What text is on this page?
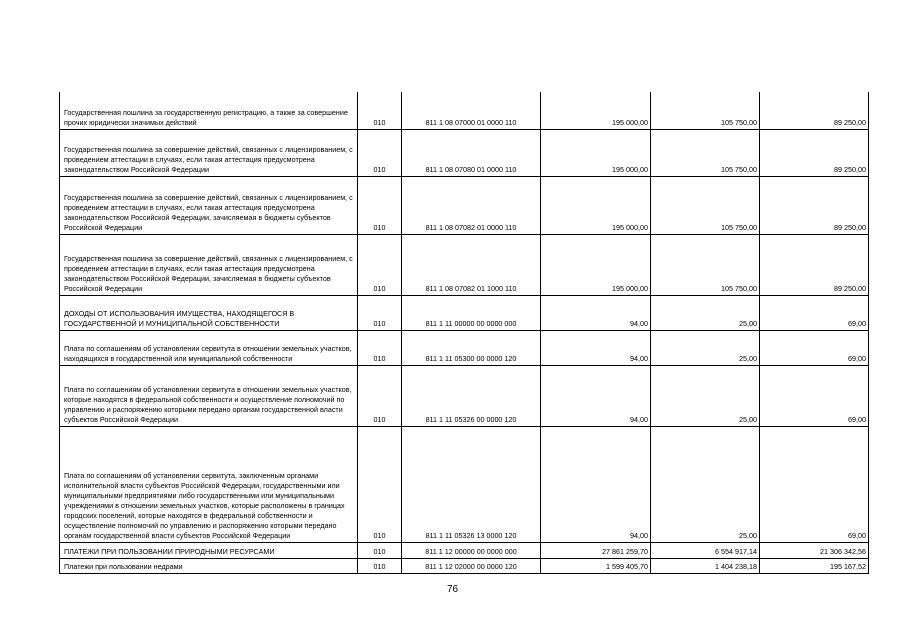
Государственная пошлина за государственную регистрацию, а также за совершение прочих юридически значимых действий	010	811 1 08 07000 01 0000 110	195 000,00	105 750,00	89 250,00
Государственная пошлина за совершение действий, связанных с лицензированием, с проведением аттестации в случаях, если такая аттестация предусмотрена законодательством Российской Федерации	010	811 1 08 07080 01 0000 110	195 000,00	105 750,00	89 250,00
Государственная пошлина за совершение действий, связанных с лицензированием, с проведением аттестации в случаях, если такая аттестация предусмотрена законодательством Российской Федерации, зачисляемая в бюджеты субъектов Российской Федерации	010	811 1 08 07082 01 0000 110	195 000,00	105 750,00	89 250,00
Государственная пошлина за совершение действий, связанных с лицензированием, с проведением аттестации в случаях, если такая аттестация предусмотрена законодательством Российской Федерации, зачисляемая в бюджеты субъектов Российской Федерации	010	811 1 08 07082 01 1000 110	195 000,00	105 750,00	89 250,00
ДОХОДЫ ОТ ИСПОЛЬЗОВАНИЯ ИМУЩЕСТВА, НАХОДЯЩЕГОСЯ В ГОСУДАРСТВЕННОЙ И МУНИЦИПАЛЬНОЙ СОБСТВЕННОСТИ	010	811 1 11 00000 00 0000 000	94,00	25,00	69,00
Плата по соглашениям об установлении сервитута в отношении земельных участков, находящихся в государственной или муниципальной собственности	010	811 1 11 05300 00 0000 120	94,00	25,00	69,00
Плата по соглашениям об установлении сервитута в отношении земельных участков, которые находятся в федеральной собственности и осуществление полномочий по управлению и распоряжению которыми передано органам государственной власти субъектов Российской Федерации	010	811 1 11 05326 00 0000 120	94,00	25,00	69,00
Плата по соглашениям об установлении сервитута, заключенным органами исполнительной власти субъектов Российской Федерации, государственными или муниципальными предприятиями либо государственными или муниципальными учреждениями в отношении земельных участков, которые расположены в границах городских поселений, которые находятся в федеральной собственности и осуществление полномочий по управлению и распоряжению которыми передано органам государственной власти субъектов Российской Федерации	010	811 1 11 05326 13 0000 120	94,00	25,00	69,00
ПЛАТЕЖИ ПРИ ПОЛЬЗОВАНИИ ПРИРОДНЫМИ РЕСУРСАМИ	010	811 1 12 00000 00 0000 000	27 861 259,70	6 554 917,14	21 306 342,56
Платежи при пользовании недрами	010	811 1 12 02000 00 0000 120	1 599 405,70	1 404 238,18	195 167,52
76
